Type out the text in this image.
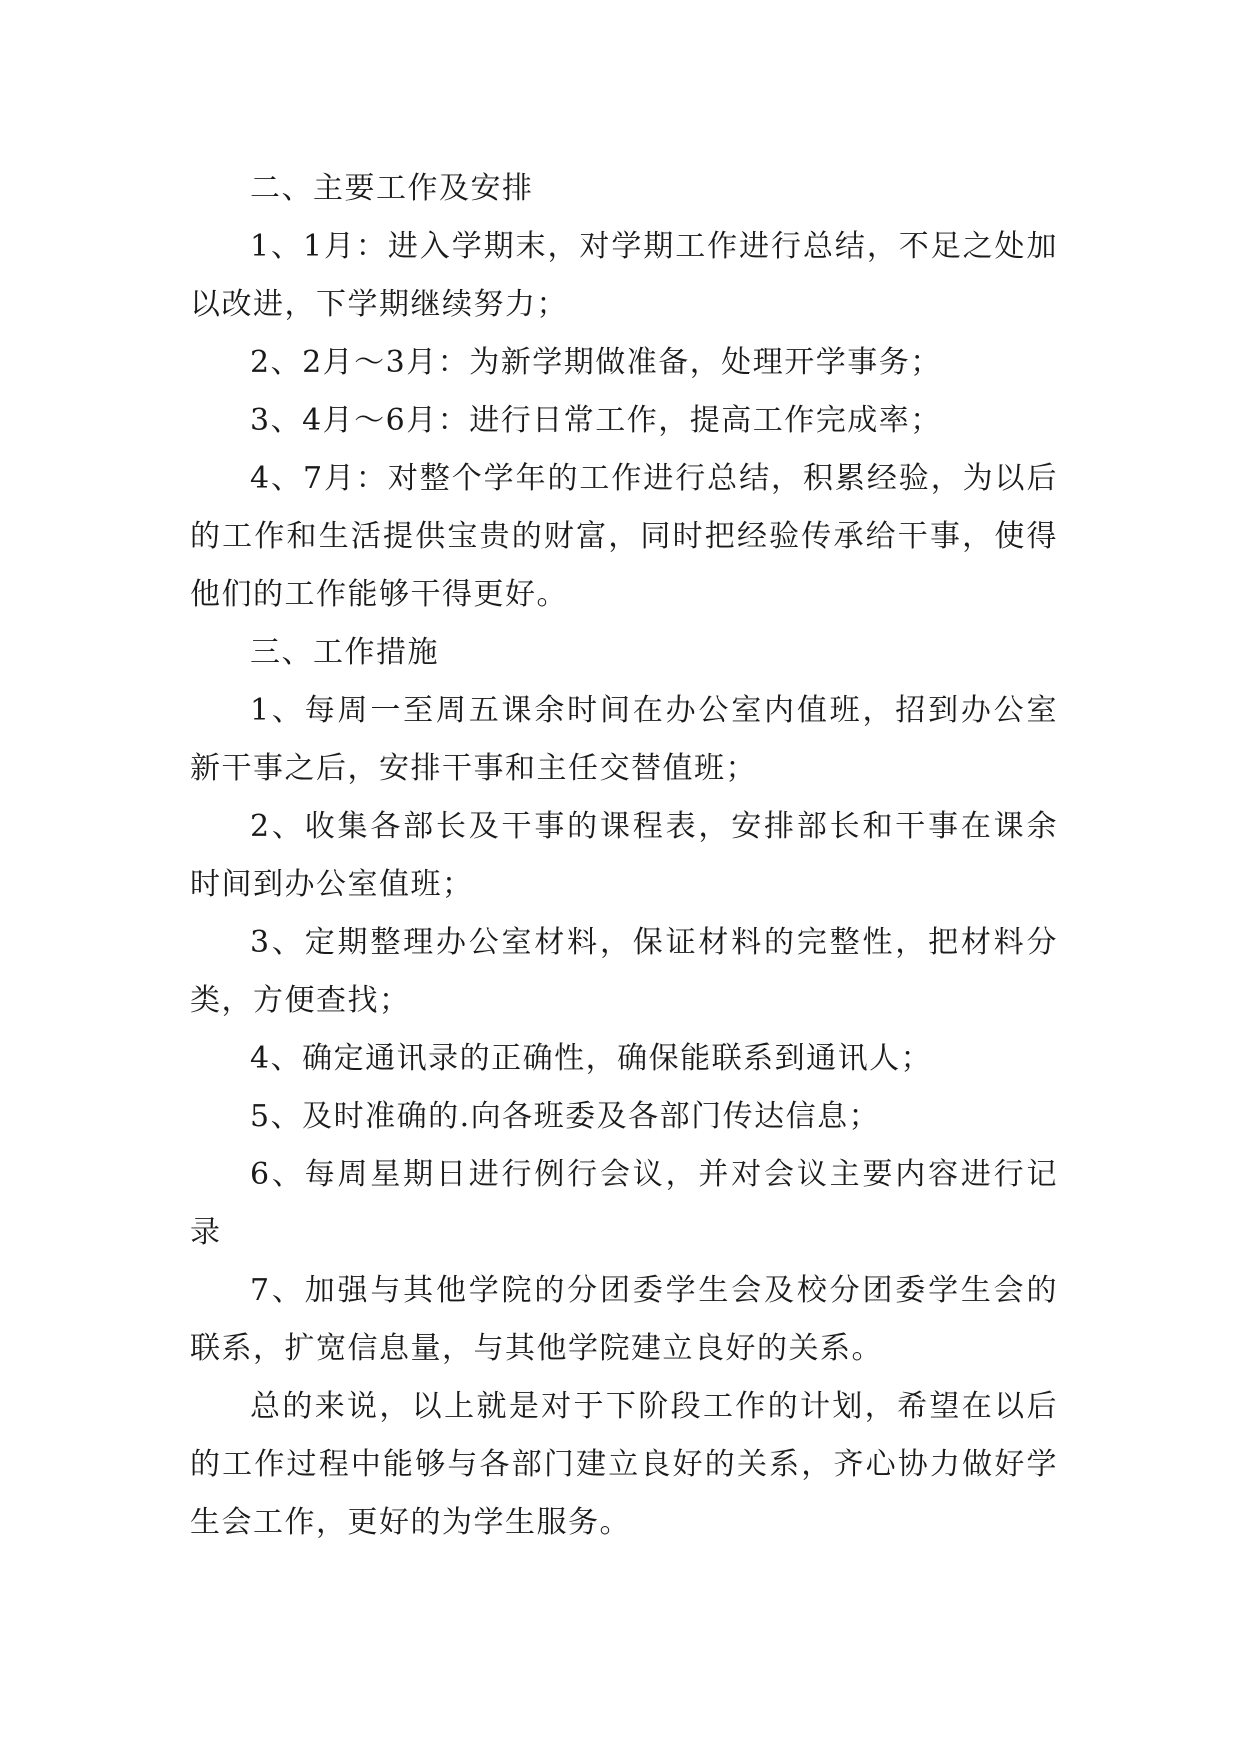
二、主要工作及安排

1、1月：进入学期末，对学期工作进行总结，不足之处加以改进，下学期继续努力；

2、2月～3月：为新学期做准备，处理开学事务；

3、4月～6月：进行日常工作，提高工作完成率；

4、7月：对整个学年的工作进行总结，积累经验，为以后的工作和生活提供宝贵的财富，同时把经验传承给干事，使得他们的工作能够干得更好。

三、工作措施

1、每周一至周五课余时间在办公室内值班，招到办公室新干事之后，安排干事和主任交替值班；

2、收集各部长及干事的课程表，安排部长和干事在课余时间到办公室值班；

3、定期整理办公室材料，保证材料的完整性，把材料分类，方便查找；

4、确定通讯录的正确性，确保能联系到通讯人；

5、及时准确的.向各班委及各部门传达信息；

6、每周星期日进行例行会议，并对会议主要内容进行记录

7、加强与其他学院的分团委学生会及校分团委学生会的联系，扩宽信息量，与其他学院建立良好的关系。

总的来说，以上就是对于下阶段工作的计划，希望在以后的工作过程中能够与各部门建立良好的关系，齐心协力做好学生会工作，更好的为学生服务。
